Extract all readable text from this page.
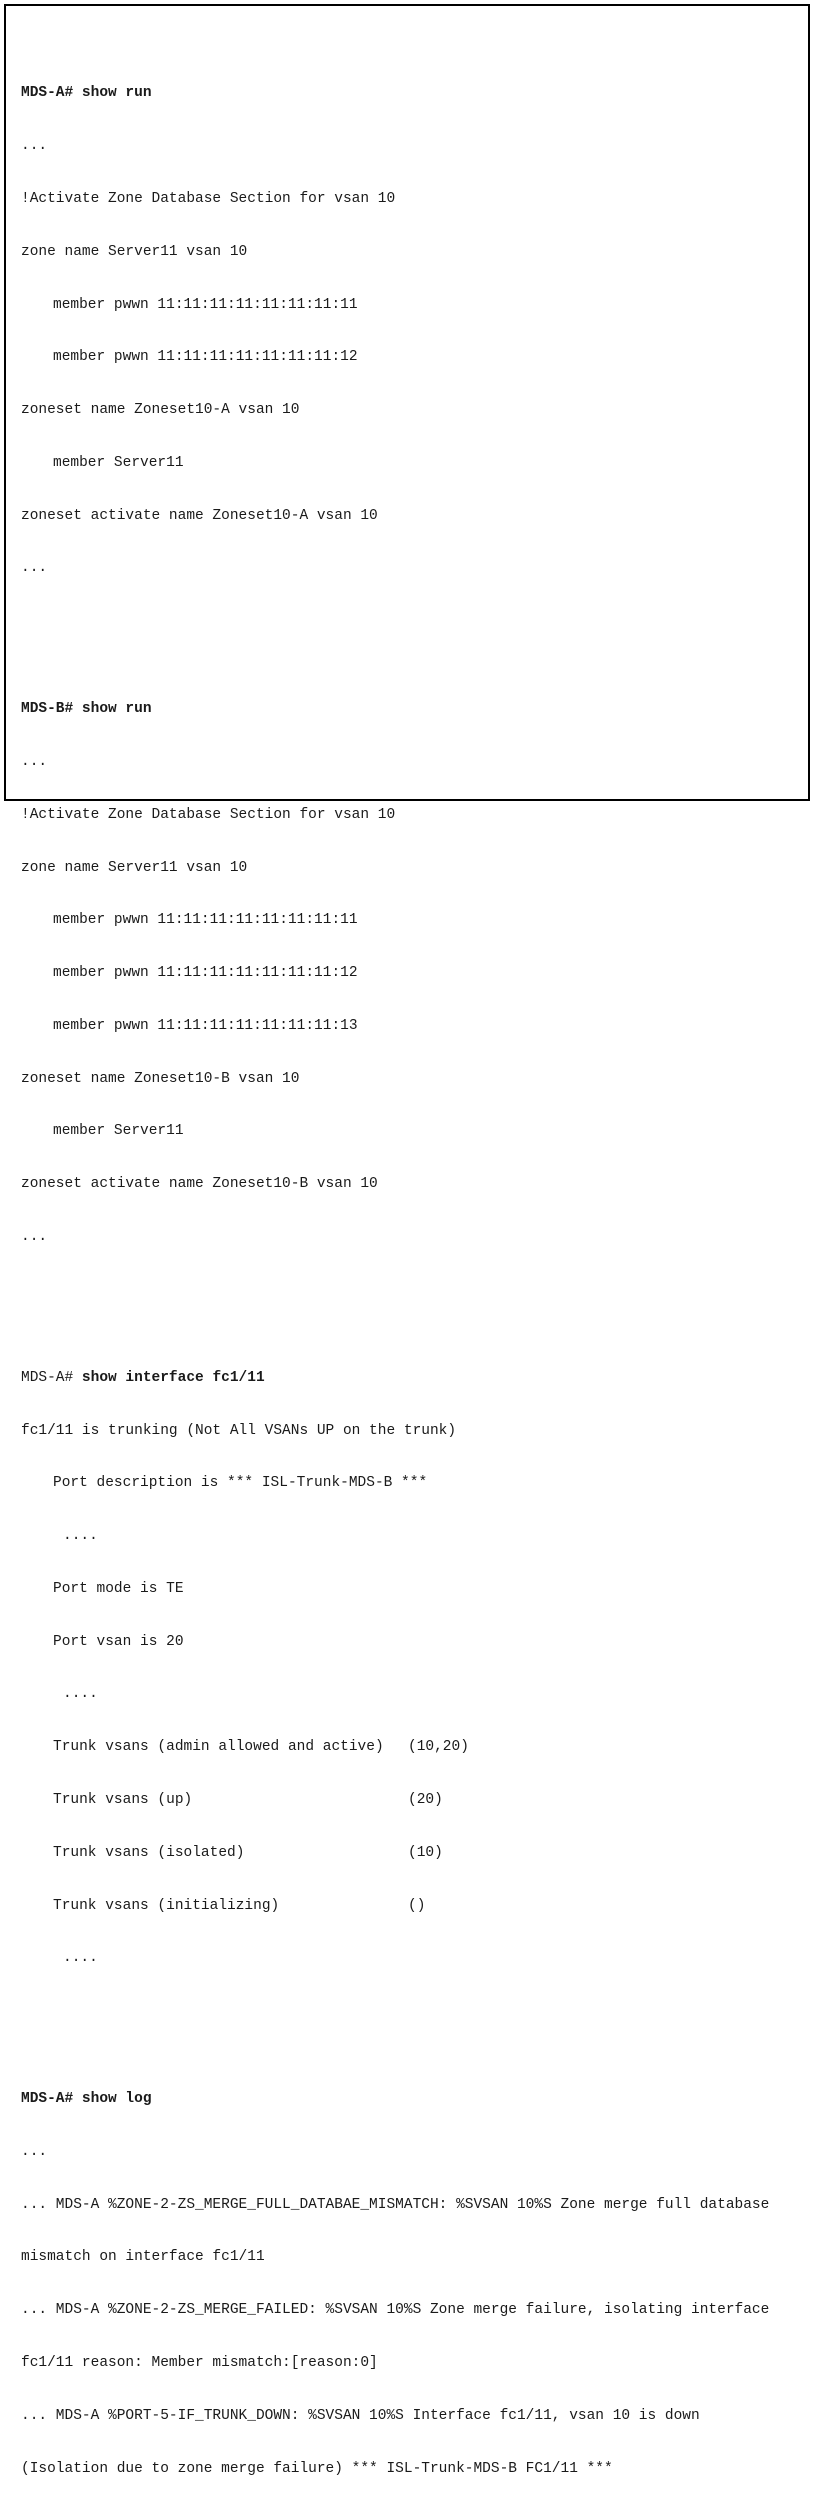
MDS-A# show run

...

!Activate Zone Database Section for vsan 10

zone name Server11 vsan 10

member pwwn 11:11:11:11:11:11:11:11

member pwwn 11:11:11:11:11:11:11:12

zoneset name Zoneset10-A vsan 10

member Server11

zoneset activate name Zoneset10-A vsan 10

...

MDS-B# show run

...

!Activate Zone Database Section for vsan 10

zone name Server11 vsan 10

member pwwn 11:11:11:11:11:11:11:11

member pwwn 11:11:11:11:11:11:11:12

member pwwn 11:11:11:11:11:11:11:13

zoneset name Zoneset10-B vsan 10

member Server11

zoneset activate name Zoneset10-B vsan 10

...

MDS-A# show interface fc1/11

fc1/11 is trunking (Not All VSANs UP on the trunk)

Port description is *** ISL-Trunk-MDS-B ***

....

Port mode is TE

Port vsan is 20

....

Trunk vsans (admin allowed and active) (10,20)

Trunk vsans (up)	(20)

Trunk vsans (isolated)	(10)

Trunk vsans (initializing)	()

....

MDS-A# show log

...

... MDS-A %ZONE-2-ZS_MERGE_FULL_DATABAE_MISMATCH: %SVSAN 10%S Zone merge full database

mismatch on interface fc1/11

... MDS-A %ZONE-2-ZS_MERGE_FAILED: %SVSAN 10%S Zone merge failure, isolating interface

fc1/11 reason: Member mismatch:[reason:0]

... MDS-A %PORT-5-IF_TRUNK_DOWN: %SVSAN 10%S Interface fc1/11, vsan 10 is down

(Isolation due to zone merge failure) *** ISL-Trunk-MDS-B FC1/11 ***
